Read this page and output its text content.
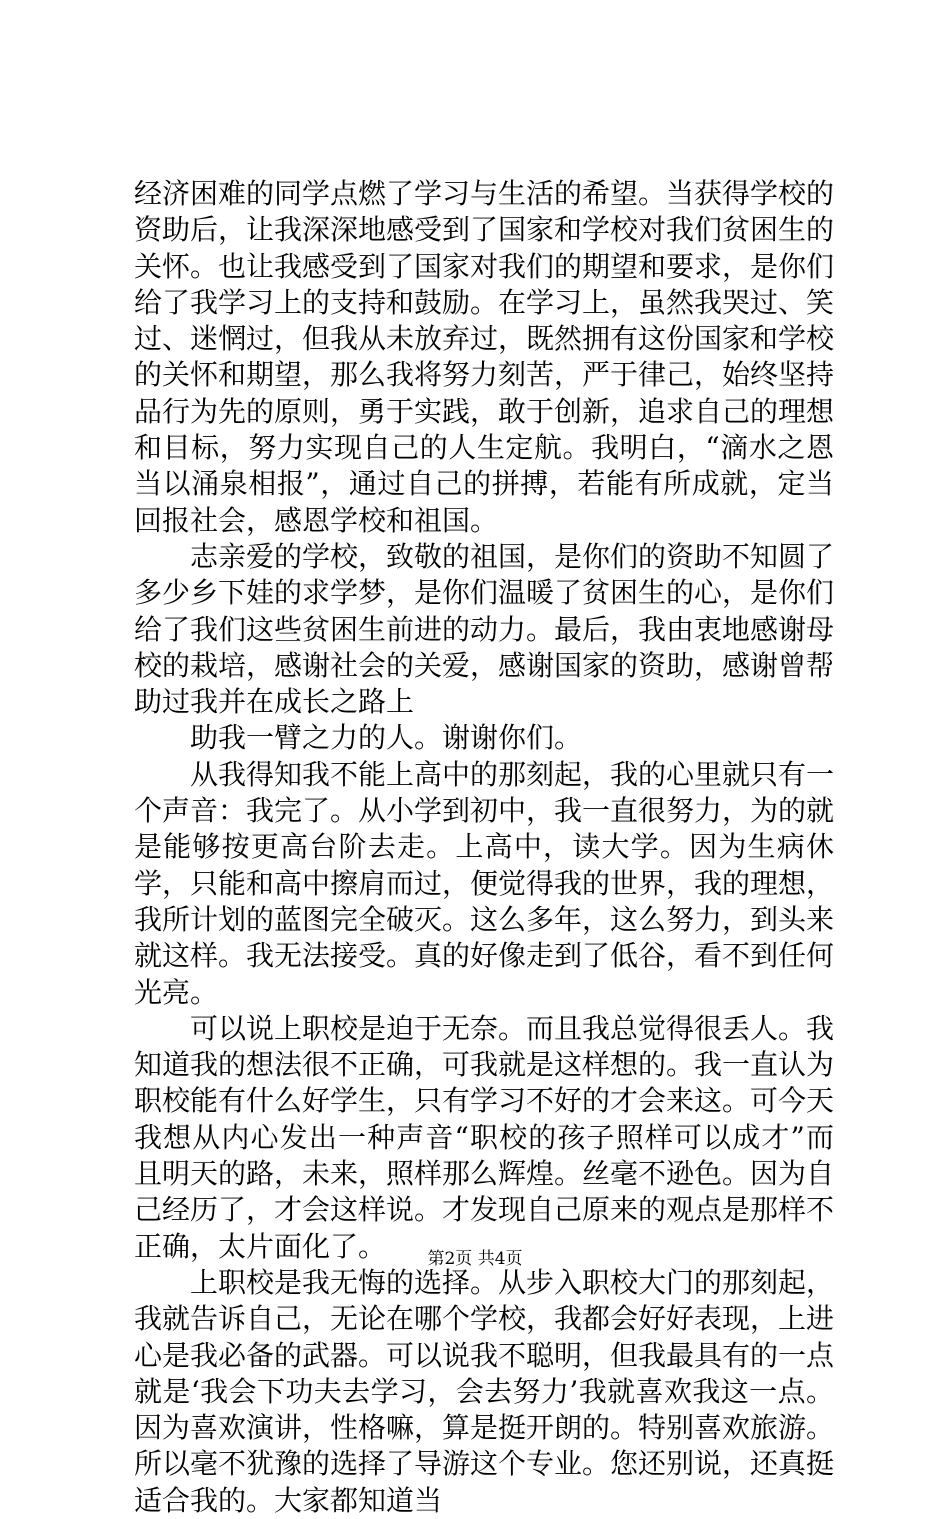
经济困难的同学点燃了学习与生活的希望。当获得学校的资助后，让我深深地感受到了国家和学校对我们贫困生的关怀。也让我感受到了国家对我们的期望和要求，是你们给了我学习上的支持和鼓励。在学习上，虽然我哭过、笑过、迷惘过，但我从未放弃过，既然拥有这份国家和学校的关怀和期望，那么我将努力刻苦，严于律己，始终坚持品行为先的原则，勇于实践，敢于创新，追求自己的理想和目标，努力实现自己的人生定航。我明白，“滴水之恩当以涌泉相报”，通过自己的拼搏，若能有所成就，定当回报社会，感恩学校和祖国。

志亲爱的学校，致敬的祖国，是你们的资助不知圆了多少乡下娃的求学梦，是你们温暖了贫困生的心，是你们给了我们这些贫困生前进的动力。最后，我由衷地感谢母校的栽培，感谢社会的关爱，感谢国家的资助，感谢曾帮助过我并在成长之路上

助我一臂之力的人。谢谢你们。

从我得知我不能上高中的那刻起，我的心里就只有一个声音：我完了。从小学到初中，我一直很努力，为的就是能够按更高台阶去走。上高中，读大学。因为生病休学，只能和高中擦肩而过，便觉得我的世界，我的理想，我所计划的蓝图完全破灭。这么多年，这么努力，到头来就这样。我无法接受。真的好像走到了低谷，看不到任何光亮。

可以说上职校是迫于无奈。而且我总觉得很丢人。我知道我的想法很不正确，可我就是这样想的。我一直认为职校能有什么好学生，只有学习不好的才会来这。可今天我想从内心发出一种声音“职校的孩子照样可以成才”而且明天的路，未来，照样那么辉煌。丝毫不逊色。因为自己经历了，才会这样说。才发现自己原来的观点是那样不正确，太片面化了。

上职校是我无悔的选择。从步入职校大门的那刻起，我就告诉自己，无论在哪个学校，我都会好好表现，上进心是我必备的武器。可以说我不聪明，但我最具有的一点就是‘我会下功夫去学习，会去努力’我就喜欢我这一点。因为喜欢演讲，性格嘛，算是挺开朗的。特别喜欢旅游。所以毫不犹豫的选择了导游这个专业。您还别说，还真挺适合我的。大家都知道当

第2页 共4页
